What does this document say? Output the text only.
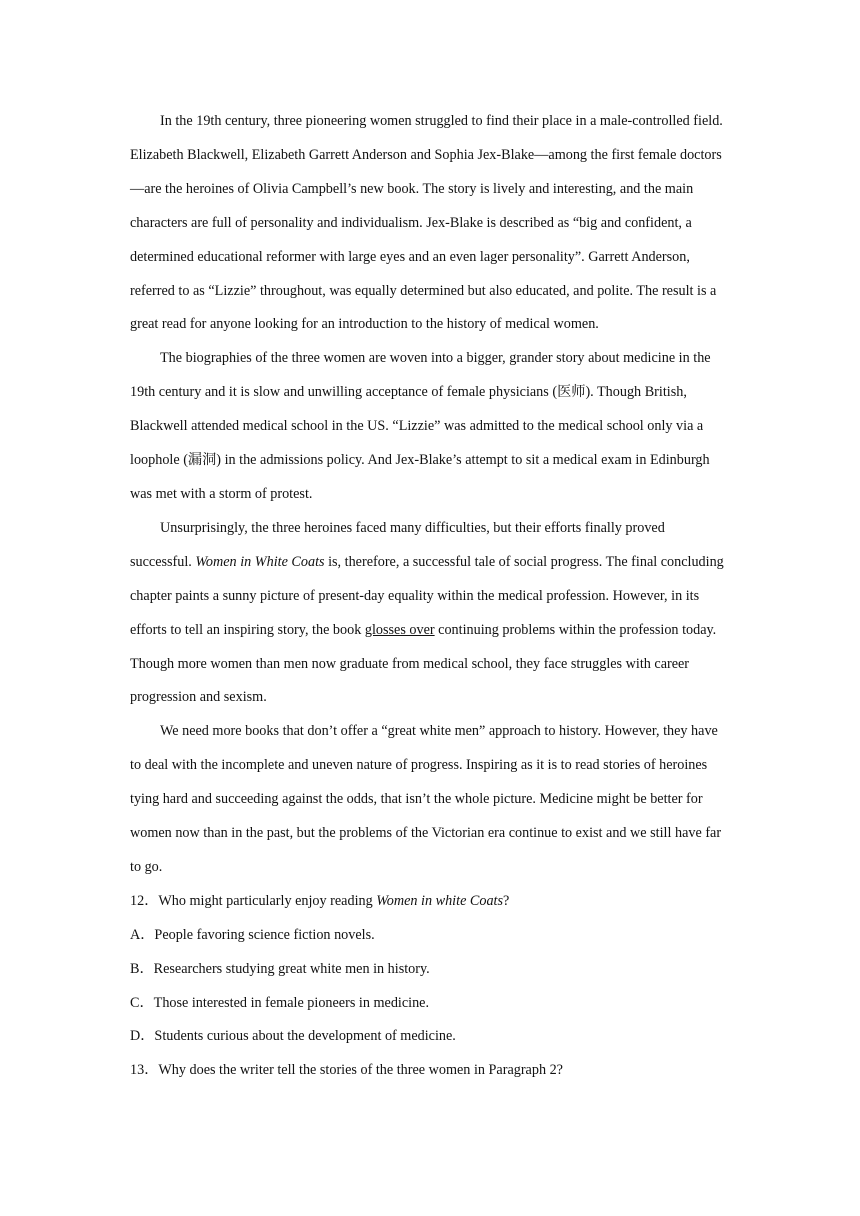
In the 19th century, three pioneering women struggled to find their place in a male-controlled field. Elizabeth Blackwell, Elizabeth Garrett Anderson and Sophia Jex-Blake—among the first female doctors—are the heroines of Olivia Campbell’s new book. The story is lively and interesting, and the main characters are full of personality and individualism. Jex-Blake is described as “big and confident, a determined educational reformer with large eyes and an even lager personality”. Garrett Anderson, referred to as “Lizzie” throughout, was equally determined but also educated, and polite. The result is a great read for anyone looking for an introduction to the history of medical women.

The biographies of the three women are woven into a bigger, grander story about medicine in the 19th century and it is slow and unwilling acceptance of female physicians (医师). Though British, Blackwell attended medical school in the US. “Lizzie” was admitted to the medical school only via a loophole (漏洞) in the admissions policy. And Jex-Blake’s attempt to sit a medical exam in Edinburgh was met with a storm of protest.

Unsurprisingly, the three heroines faced many difficulties, but their efforts finally proved successful. Women in White Coats is, therefore, a successful tale of social progress. The final concluding chapter paints a sunny picture of present-day equality within the medical profession. However, in its efforts to tell an inspiring story, the book glosses over continuing problems within the profession today. Though more women than men now graduate from medical school, they face struggles with career progression and sexism.

We need more books that don’t offer a “great white men” approach to history. However, they have to deal with the incomplete and uneven nature of progress. Inspiring as it is to read stories of heroines tying hard and succeeding against the odds, that isn’t the whole picture. Medicine might be better for women now than in the past, but the problems of the Victorian era continue to exist and we still have far to go.

12．Who might particularly enjoy reading Women in white Coats?

A．People favoring science fiction novels.

B．Researchers studying great white men in history.

C．Those interested in female pioneers in medicine.

D．Students curious about the development of medicine.

13．Why does the writer tell the stories of the three women in Paragraph 2?
